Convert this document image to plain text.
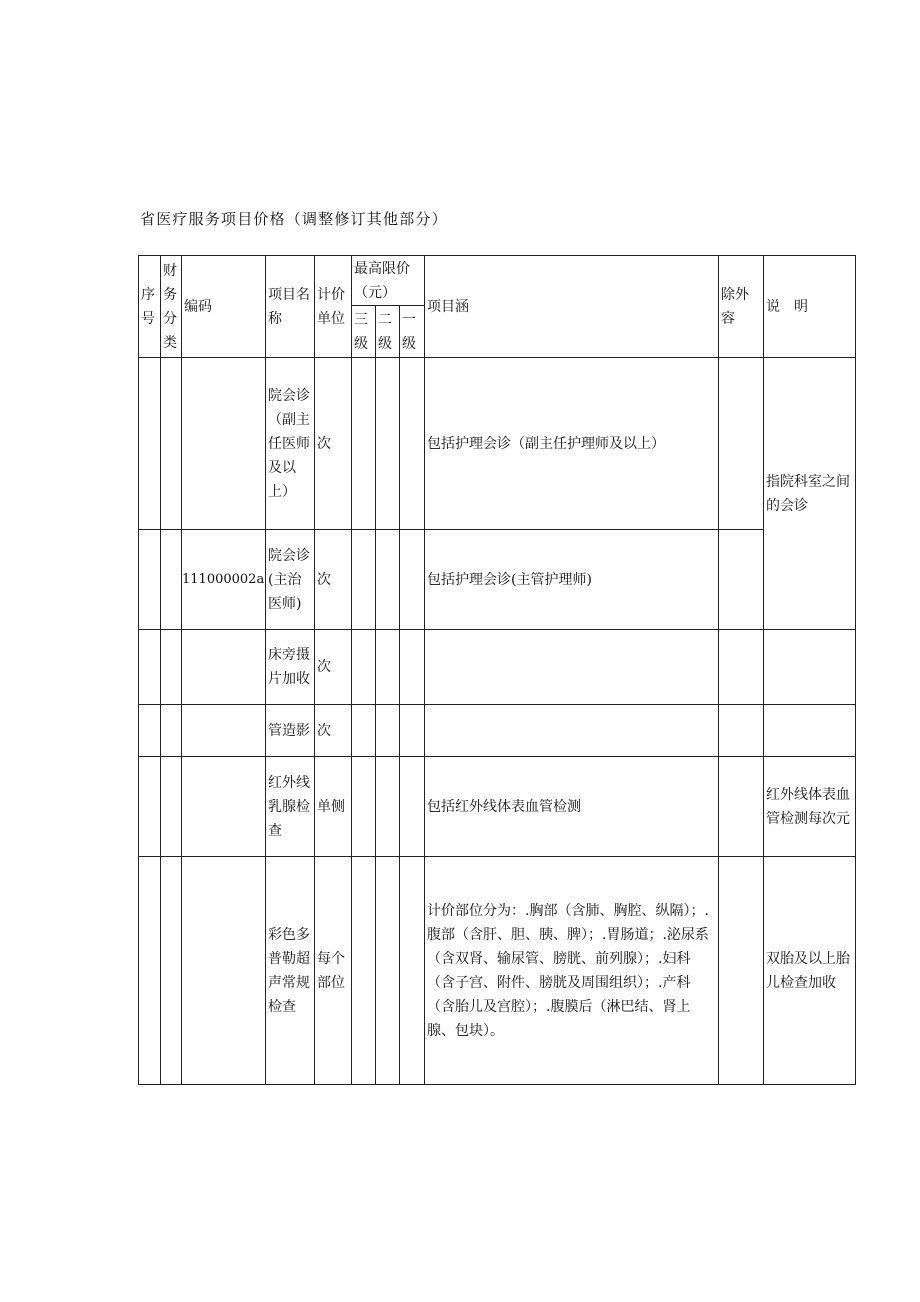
省医疗服务项目价格（调整修订其他部分）
序号	财务分类	编码	项目名称	计价单位	最高限价（元）			项目涵	除外容	说　明
					三级	二级	一级			
			院会诊（副主任医师及以上）	次				包括护理会诊（副主任护理师及以上）		指院科室之间的会诊
		111000002a	院会诊(主治医师)	次				包括护理会诊(主管护理师)		
			床旁摄片加收	次						
			管造影	次						
			红外线乳腺检查	单侧				包括红外线体表血管检测		红外线体表血管检测每次元
			彩色多普勒超声常规检查	每个部位				计价部位分为：.胸部（含肺、胸腔、纵隔）；.腹部（含肝、胆、胰、脾）；.胃肠道；.泌尿系（含双肾、输尿管、膀胱、前列腺）；.妇科（含子宫、附件、膀胱及周围组织）；.产科（含胎儿及宫腔）；.腹膜后（淋巴结、肾上腺、包块）。		双胎及以上胎儿检查加收
